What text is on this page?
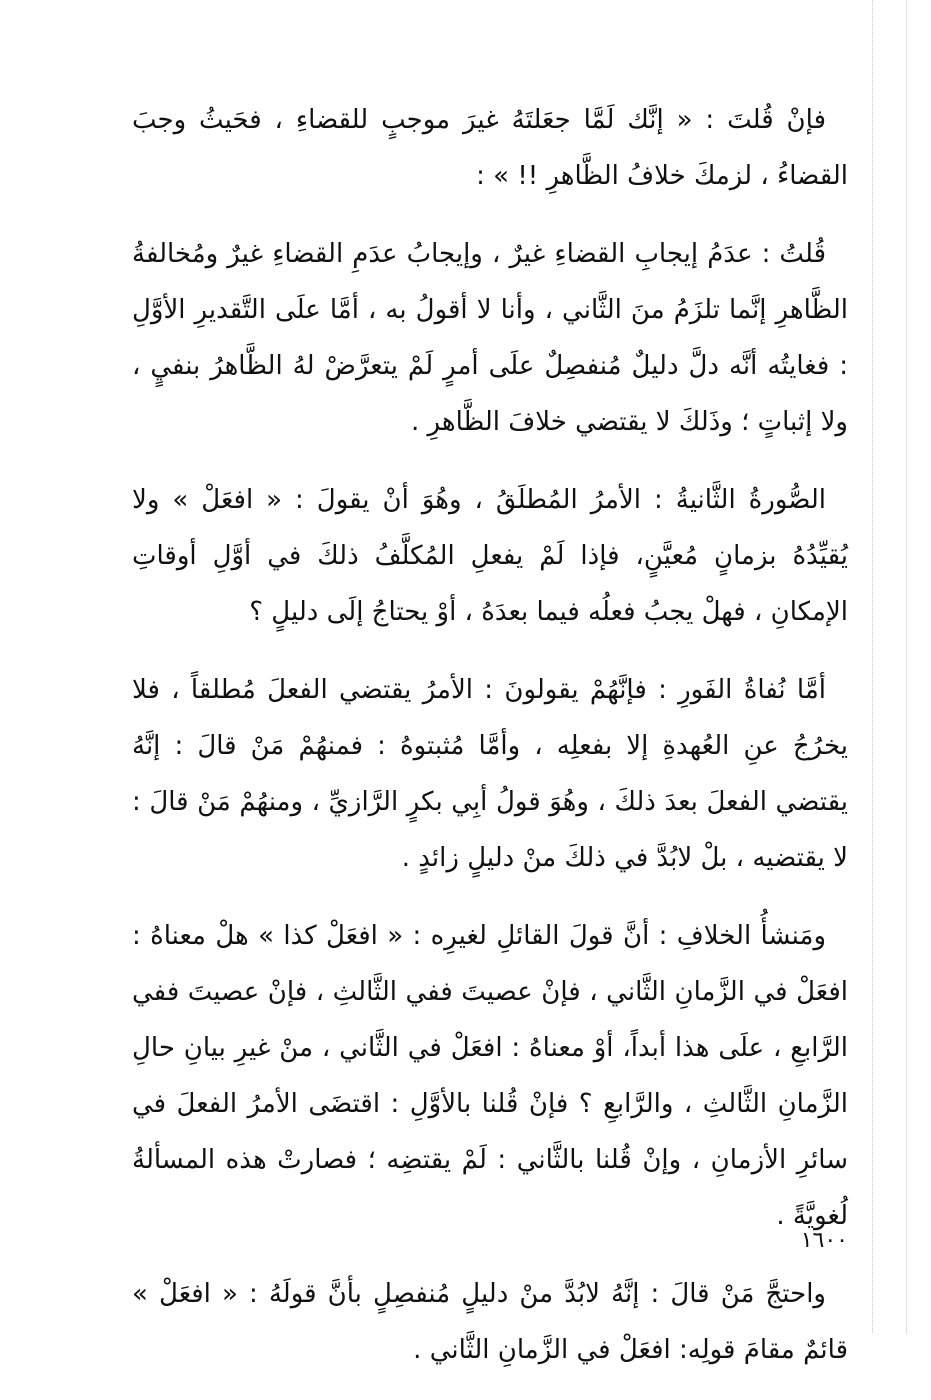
فإنْ قُلتَ : « إنَّك لَمَّا جعَلتَهُ غيرَ موجبٍ للقضاءِ ، فحَيثُ وجبَ القضاءُ ، لزمكَ خلافُ الظَّاهرِ !! » :

قُلتُ : عدَمُ إيجابِ القضاءِ غيرٌ ، وإيجابُ عدَمِ القضاءِ غيرٌ ومُخالفةُ الظَّاهرِ إنَّما تلزَمُ منَ الثَّاني ، وأنا لا أقولُ به ، أمَّا علَى التَّقديرِ الأوَّلِ : فغايتُه أنَّه دلَّ دليلٌ مُنفصِلٌ علَى أمرٍ لَمْ يتعرَّضْ لهُ الظَّاهرُ بنفيٍ ، ولا إثباتٍ ؛ وذَلكَ لا يقتضي خلافَ الظَّاهرِ .

الصُّورةُ الثَّانيةُ : الأمرُ المُطلَقُ ، وهُوَ أنْ يقولَ : « افعَلْ » ولا يُقيِّدُهُ بزمانٍ مُعيَّنٍ، فإذا لَمْ يفعلِ المُكلَّفُ ذلكَ في أوَّلِ أوقاتِ الإمكانِ ، فهلْ يجبُ فعلُه فيما بعدَهُ ، أوْ يحتاجُ إلَى دليلٍ ؟

أمَّا نُفاةُ الفَورِ : فإنَّهُمْ يقولونَ : الأمرُ يقتضي الفعلَ مُطلقاً ، فلا يخرُجُ عنِ العُهدةِ إلا بفعلِه ، وأمَّا مُثبتوهُ : فمنهُمْ مَنْ قالَ : إنَّهُ يقتضي الفعلَ بعدَ ذلكَ ، وهُوَ قولُ أبِي بكرٍ الرَّازيِّ ، ومنهُمْ مَنْ قالَ : لا يقتضيه ، بلْ لابُدَّ في ذلكَ منْ دليلٍ زائدٍ .

ومَنشأُ الخلافِ : أنَّ قولَ القائلِ لغيرِه : « افعَلْ كذا » هلْ معناهُ : افعَلْ في الزَّمانِ الثَّاني ، فإنْ عصيتَ ففي الثَّالثِ ، فإنْ عصيتَ ففي الرَّابعِ ، علَى هذا أبداً، أوْ معناهُ : افعَلْ في الثَّاني ، منْ غيرِ بيانِ حالِ الزَّمانِ الثَّالثِ ، والرَّابعِ ؟ فإنْ قُلنا بالأوَّلِ : اقتضَى الأمرُ الفعلَ في سائرِ الأزمانِ ، وإنْ قُلنا بالثَّاني : لَمْ يقتضِه ؛ فصارتْ هذه المسألةُ لُغويَّةً .

واحتجَّ مَنْ قالَ : إنَّهُ لابُدَّ منْ دليلٍ مُنفصِلٍ بأنَّ قولَهُ : « افعَلْ » قائمٌ مقامَ قولِه: افعَلْ في الزَّمانِ الثَّاني .

١٦٠٠
